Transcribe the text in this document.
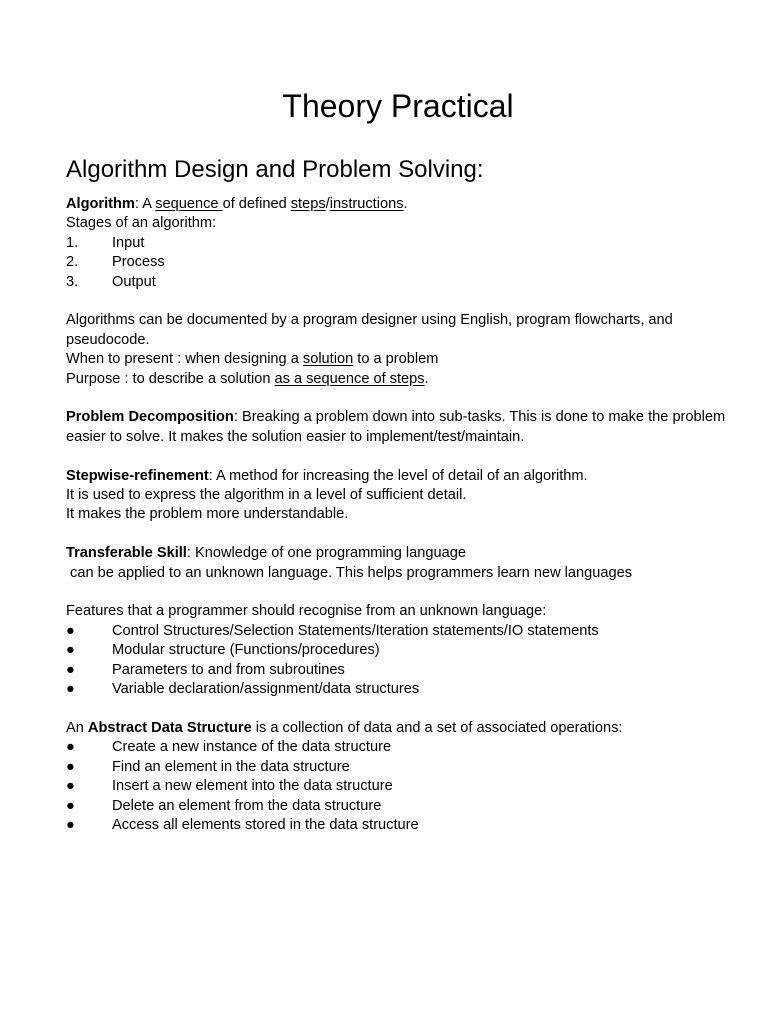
Theory Practical
Algorithm Design and Problem Solving:

Algorithm: A sequence of defined steps/instructions.

Stages of an algorithm:

1.	Input
2.	Process
3.	Output

Algorithms can be documented by a program designer using English, program flowcharts, and pseudocode.

When to present : when designing a solution to a problem

Purpose : to describe a solution as a sequence of steps.

Problem Decomposition: Breaking a problem down into sub-tasks. This is done to make the problem easier to solve. It makes the solution easier to implement/test/maintain.

Stepwise-refinement: A method for increasing the level of detail of an algorithm.

It is used to express the algorithm in a level of sufficient detail.

It makes the problem more understandable.

Transferable Skill: Knowledge of one programming language

can be applied to an unknown language. This helps programmers learn new languages

Features that a programmer should recognise from an unknown language:

●	Control Structures/Selection Statements/Iteration statements/IO statements
●	Modular structure (Functions/procedures)
●	Parameters to and from subroutines
●	Variable declaration/assignment/data structures

An Abstract Data Structure is a collection of data and a set of associated operations:

●	Create a new instance of the data structure
●	Find an element in the data structure
●	Insert a new element into the data structure
●	Delete an element from the data structure
●	Access all elements stored in the data structure
